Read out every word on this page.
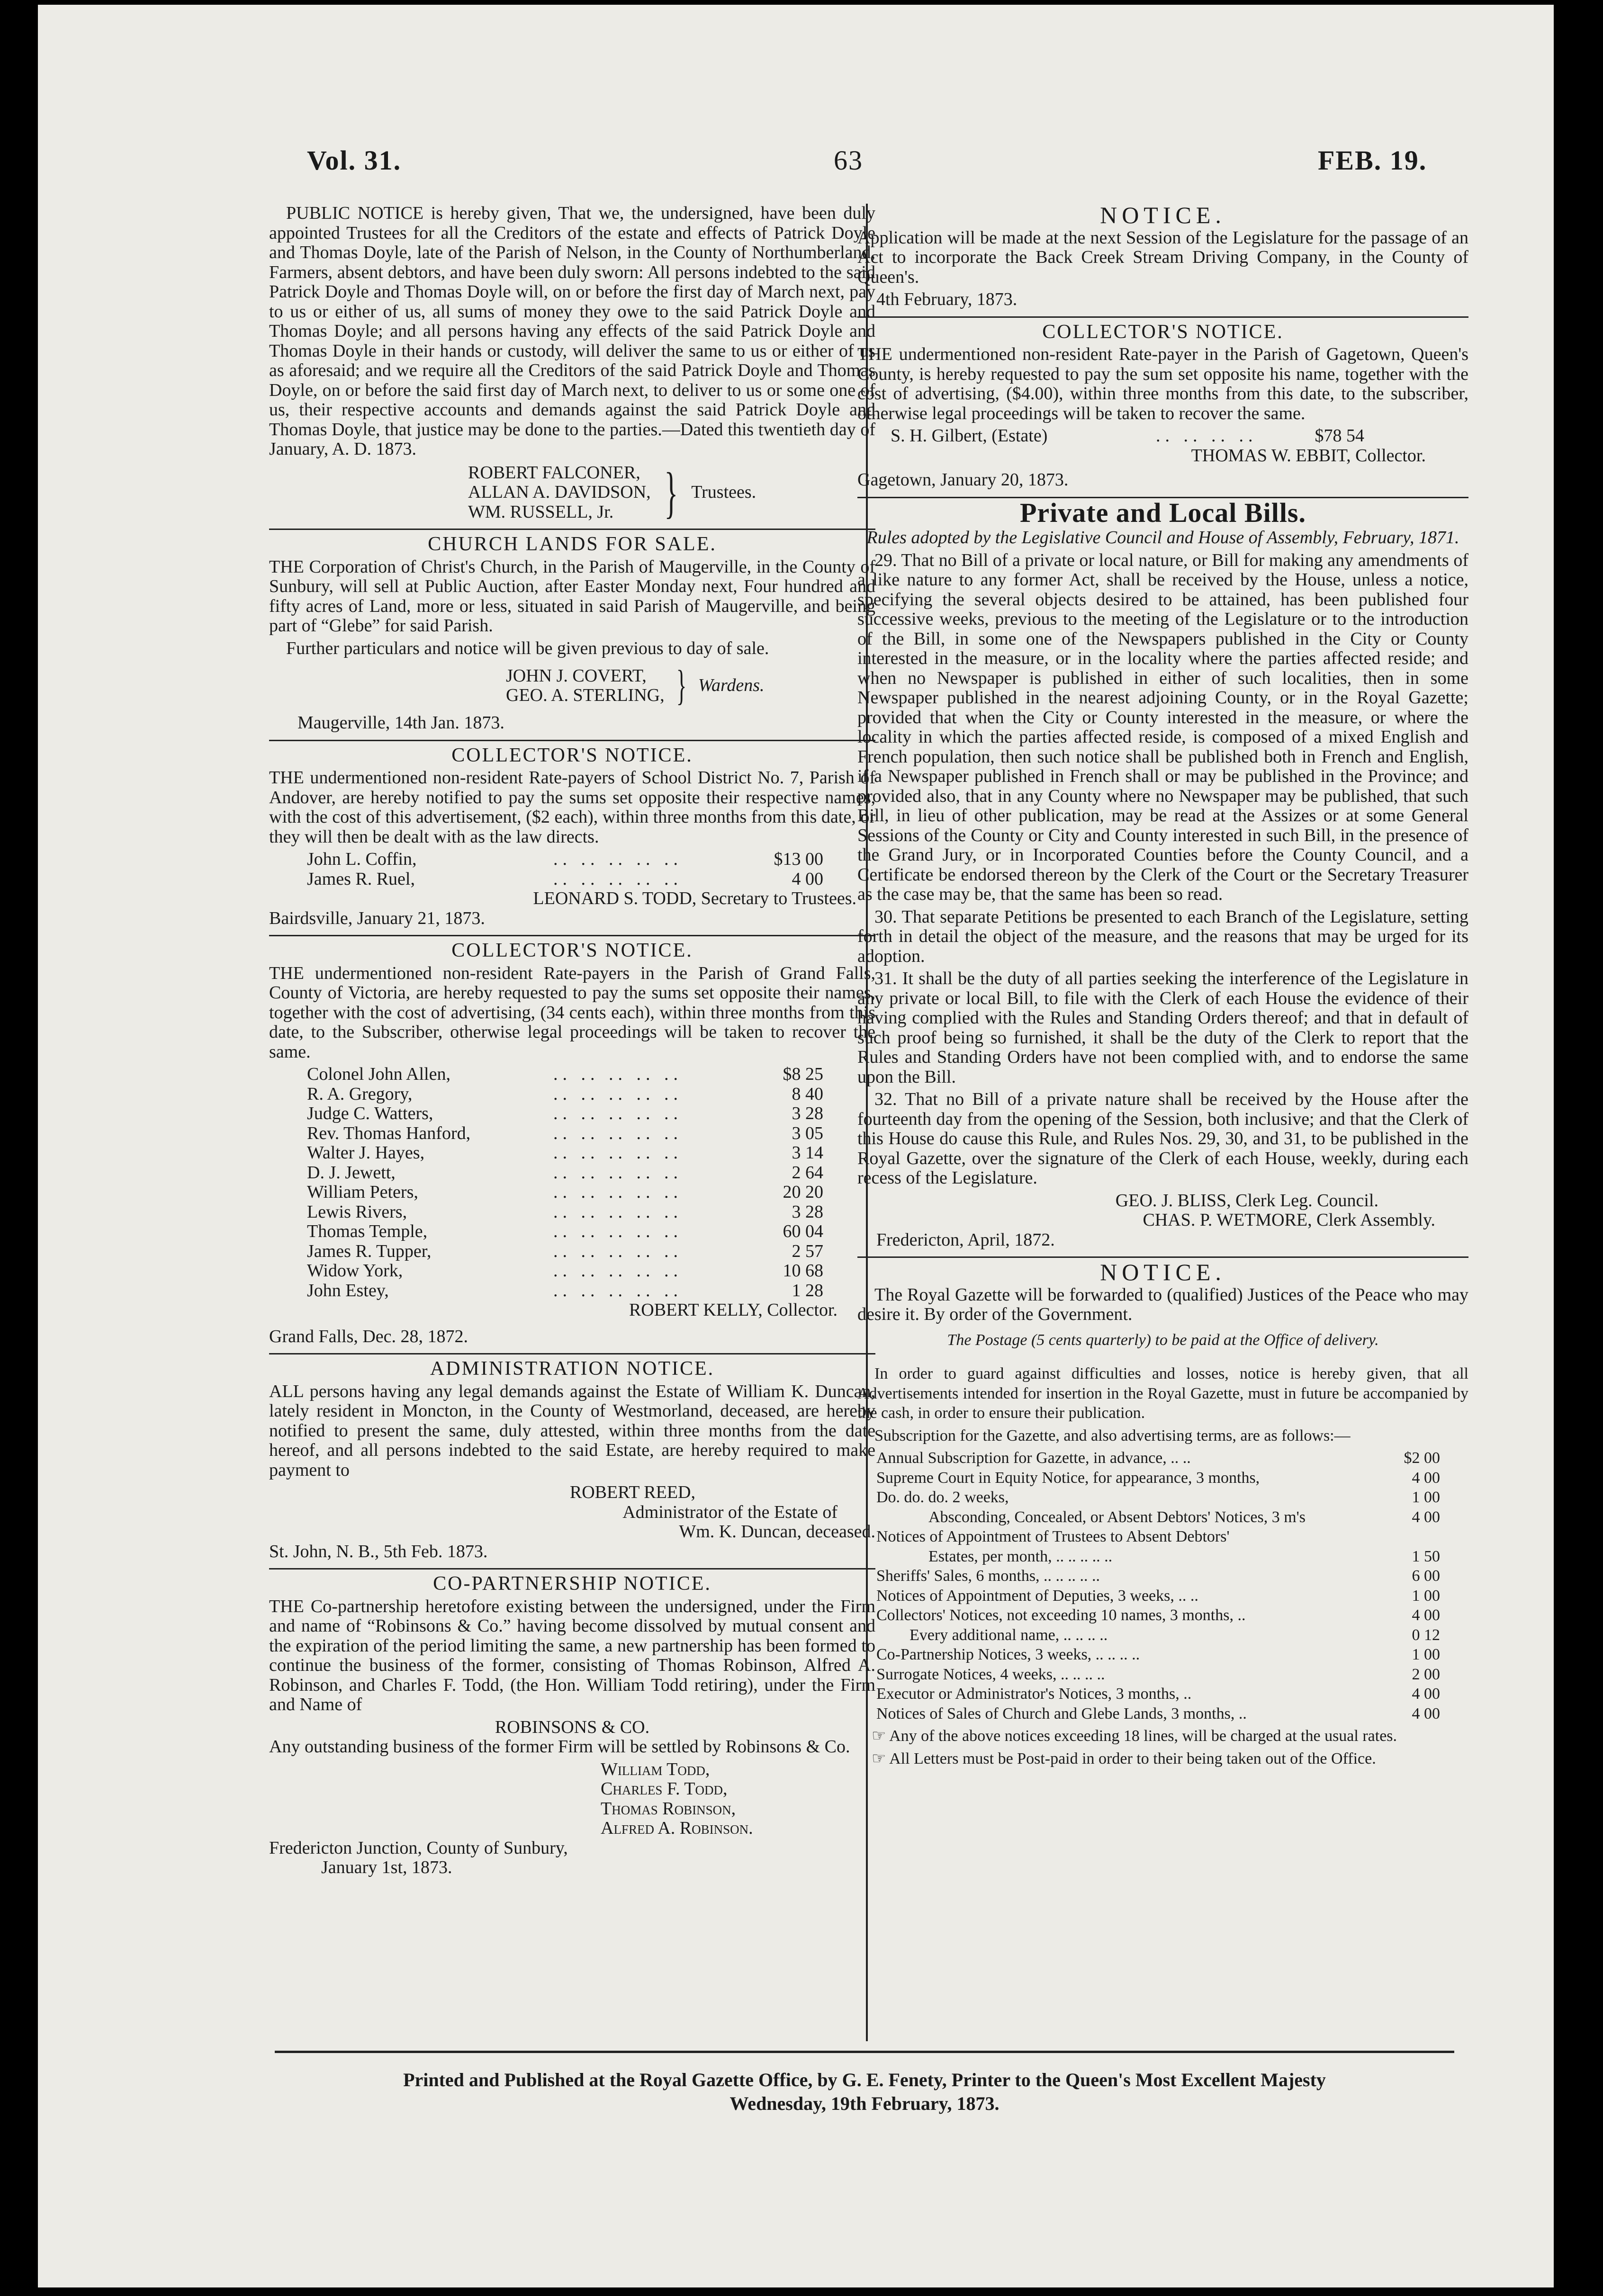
Vol. 31.	63	FEB. 19.
PUBLIC NOTICE is hereby given, That we, the undersigned, have been duly appointed Trustees for all the Creditors of the estate and effects of Patrick Doyle and Thomas Doyle, late of the Parish of Nelson, in the County of Northumberland, Farmers, absent debtors, and have been duly sworn: All persons indebted to the said Patrick Doyle and Thomas Doyle will, on or before the first day of March next, pay to us or either of us, all sums of money they owe to the said Patrick Doyle and Thomas Doyle; and all persons having any effects of the said Patrick Doyle and Thomas Doyle in their hands or custody, will deliver the same to us or either of us as aforesaid; and we require all the Creditors of the said Patrick Doyle and Thomas Doyle, on or before the said first day of March next, to deliver to us or some one of us, their respective accounts and demands against the said Patrick Doyle and Thomas Doyle, that justice may be done to the parties.—Dated this twentieth day of January, A. D. 1873.
ROBERT FALCONER,
ALLAN A. DAVIDSON,
WM. RUSSELL, Jr. } Trustees.
CHURCH LANDS FOR SALE.
THE Corporation of Christ's Church, in the Parish of Maugerville, in the County of Sunbury, will sell at Public Auction, after Easter Monday next, Four hundred and fifty acres of Land, more or less, situated in said Parish of Maugerville, and being part of “Glebe” for said Parish.
Further particulars and notice will be given previous to day of sale.
JOHN J. COVERT,
GEO. A. STERLING, } Wardens.
Maugerville, 14th Jan. 1873.
COLLECTOR'S NOTICE.
THE undermentioned non-resident Rate-payers of School District No. 7, Parish of Andover, are hereby notified to pay the sums set opposite their respective names, with the cost of this advertisement, ($2 each), within three months from this date, or they will then be dealt with as the law directs.
John L. Coffin,	.. .. .. .. ..	$13 00
James R. Ruel,	.. .. .. .. ..	4 00
LEONARD S. TODD, Secretary to Trustees.
Bairdsville, January 21, 1873.
COLLECTOR'S NOTICE.
THE undermentioned non-resident Rate-payers in the Parish of Grand Falls, County of Victoria, are hereby requested to pay the sums set opposite their names, together with the cost of advertising, (34 cents each), within three months from this date, to the Subscriber, otherwise legal proceedings will be taken to recover the same.
Colonel John Allen,	.. .. .. .. ..	$8 25
R. A. Gregory,	.. .. .. .. ..	8 40
Judge C. Watters,	.. .. .. .. ..	3 28
Rev. Thomas Hanford,	.. .. .. .. ..	3 05
Walter J. Hayes,	.. .. .. .. ..	3 14
D. J. Jewett,	.. .. .. .. ..	2 64
William Peters,	.. .. .. .. ..	20 20
Lewis Rivers,	.. .. .. .. ..	3 28
Thomas Temple,	.. .. .. .. ..	60 04
James R. Tupper,	.. .. .. .. ..	2 57
Widow York,	.. .. .. .. ..	10 68
John Estey,	.. .. .. .. ..	1 28
ROBERT KELLY, Collector.
Grand Falls, Dec. 28, 1872.
ADMINISTRATION NOTICE.
ALL persons having any legal demands against the Estate of William K. Duncan, lately resident in Moncton, in the County of Westmorland, deceased, are hereby notified to present the same, duly attested, within three months from the date hereof, and all persons indebted to the said Estate, are hereby required to make payment to
ROBERT REED,
Administrator of the Estate of
Wm. K. Duncan, deceased.
St. John, N. B., 5th Feb. 1873.
CO-PARTNERSHIP NOTICE.
THE Co-partnership heretofore existing between the undersigned, under the Firm and name of “Robinsons & Co.” having become dissolved by mutual consent and the expiration of the period limiting the same, a new partnership has been formed to continue the business of the former, consisting of Thomas Robinson, Alfred A. Robinson, and Charles F. Todd, (the Hon. William Todd retiring), under the Firm and Name of
ROBINSONS & CO.
Any outstanding business of the former Firm will be settled by Robinsons & Co.
William Todd,
Charles F. Todd,
Thomas Robinson,
Alfred A. Robinson.
Fredericton Junction, County of Sunbury,
January 1st, 1873.
NOTICE.
Application will be made at the next Session of the Legislature for the passage of an Act to incorporate the Back Creek Stream Driving Company, in the County of Queen's.
4th February, 1873.
COLLECTOR'S NOTICE.
THE undermentioned non-resident Rate-payer in the Parish of Gagetown, Queen's County, is hereby requested to pay the sum set opposite his name, together with the cost of advertising, ($4.00), within three months from this date, to the subscriber, otherwise legal proceedings will be taken to recover the same.
S. H. Gilbert, (Estate)	.. .. .. ..	$78 54
THOMAS W. EBBIT, Collector.
Gagetown, January 20, 1873.
Private and Local Bills.
Rules adopted by the Legislative Council and House of Assembly, February, 1871.
29. That no Bill of a private or local nature, or Bill for making any amendments of a like nature to any former Act, shall be received by the House, unless a notice, specifying the several objects desired to be attained, has been published four successive weeks, previous to the meeting of the Legislature or to the introduction of the Bill, in some one of the Newspapers published in the City or County interested in the measure, or in the locality where the parties affected reside; and when no Newspaper is published in either of such localities, then in some Newspaper published in the nearest adjoining County, or in the Royal Gazette; provided that when the City or County interested in the measure, or where the locality in which the parties affected reside, is composed of a mixed English and French population, then such notice shall be published both in French and English, if a Newspaper published in French shall or may be published in the Province; and provided also, that in any County where no Newspaper may be published, that such Bill, in lieu of other publication, may be read at the Assizes or at some General Sessions of the County or City and County interested in such Bill, in the presence of the Grand Jury, or in Incorporated Counties before the County Council, and a Certificate be endorsed thereon by the Clerk of the Court or the Secretary Treasurer as the case may be, that the same has been so read.
30. That separate Petitions be presented to each Branch of the Legislature, setting forth in detail the object of the measure, and the reasons that may be urged for its adoption.
31. It shall be the duty of all parties seeking the interference of the Legislature in any private or local Bill, to file with the Clerk of each House the evidence of their having complied with the Rules and Standing Orders thereof; and that in default of such proof being so furnished, it shall be the duty of the Clerk to report that the Rules and Standing Orders have not been complied with, and to endorse the same upon the Bill.
32. That no Bill of a private nature shall be received by the House after the fourteenth day from the opening of the Session, both inclusive; and that the Clerk of this House do cause this Rule, and Rules Nos. 29, 30, and 31, to be published in the Royal Gazette, over the signature of the Clerk of each House, weekly, during each recess of the Legislature.
GEO. J. BLISS, Clerk Leg. Council.
CHAS. P. WETMORE, Clerk Assembly.
Fredericton, April, 1872.
NOTICE.
The Royal Gazette will be forwarded to (qualified) Justices of the Peace who may desire it. By order of the Government.
The Postage (5 cents quarterly) to be paid at the Office of delivery.
In order to guard against difficulties and losses, notice is hereby given, that all Advertisements intended for insertion in the Royal Gazette, must in future be accompanied by the cash, in order to ensure their publication.
Subscription for the Gazette, and also advertising terms, are as follows:—
Annual Subscription for Gazette, in advance, .. ..	$2 00
Supreme Court in Equity Notice, for appearance, 3 months,	4 00
Do. do. do. 2 weeks,	1 00
Absconding, Concealed, or Absent Debtors' Notices, 3 m's	4 00
Notices of Appointment of Trustees to Absent Debtors'
Estates, per month, .. .. .. .. ..	1 50
Sheriffs' Sales, 6 months, .. .. .. .. ..	6 00
Notices of Appointment of Deputies, 3 weeks, .. ..	1 00
Collectors' Notices, not exceeding 10 names, 3 months, ..	4 00
Every additional name, .. .. .. ..	0 12
Co-Partnership Notices, 3 weeks, .. .. .. ..	1 00
Surrogate Notices, 4 weeks, .. .. .. ..	2 00
Executor or Administrator's Notices, 3 months, ..	4 00
Notices of Sales of Church and Glebe Lands, 3 months, ..	4 00
☞ Any of the above notices exceeding 18 lines, will be charged at the usual rates.
☞ All Letters must be Post-paid in order to their being taken out of the Office.
Printed and Published at the Royal Gazette Office, by G. E. Fenety, Printer to the Queen's Most Excellent Majesty
Wednesday, 19th February, 1873.
